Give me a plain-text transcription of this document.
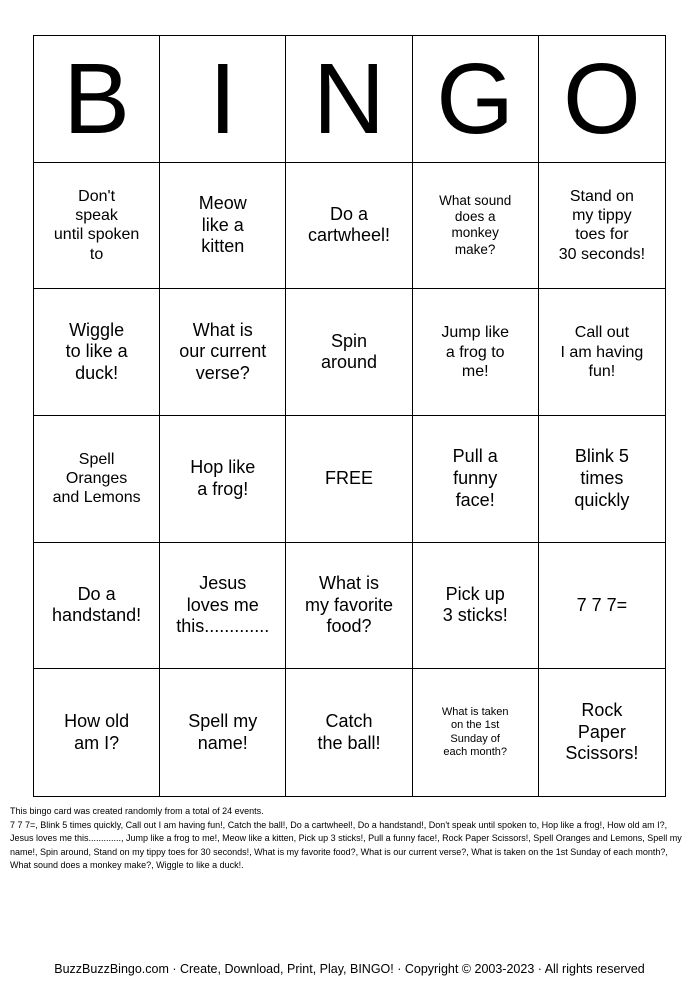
B I N G O
Don't
speak
until spoken
to
Meow
like a
kitten
Do a
cartwheel!
What sound
does a
monkey
make?
Stand on
my tippy
toes for
30 seconds!
Wiggle
to like a
duck!
What is
our current
verse?
Spin
around
Jump like
a frog to
me!
Call out
I am having
fun!
Spell
Oranges
and Lemons
Hop like
a frog!
FREE
Pull a
funny
face!
Blink 5
times
quickly
Do a
handstand!
Jesus
loves me
this.............
What is
my favorite
food?
Pick up
3 sticks!
7 7 7=
How old
am I?
Spell my
name!
Catch
the ball!
What is taken
on the 1st
Sunday of
each month?
Rock
Paper
Scissors!
This bingo card was created randomly from a total of 24 events.
7 7 7=, Blink 5 times quickly, Call out I am having fun!, Catch the ball!, Do a cartwheel!, Do a handstand!, Don't speak until spoken to, Hop like a frog!, How old am I?, Jesus loves me this............., Jump like a frog to me!, Meow like a kitten, Pick up 3 sticks!, Pull a funny face!, Rock Paper Scissors!, Spell Oranges and Lemons, Spell my name!, Spin around, Stand on my tippy toes for 30 seconds!, What is my favorite food?, What is our current verse?, What is taken on the 1st Sunday of each month?, What sound does a monkey make?, Wiggle to like a duck!.
BuzzBuzzBingo.com · Create, Download, Print, Play, BINGO! · Copyright © 2003-2023 · All rights reserved
